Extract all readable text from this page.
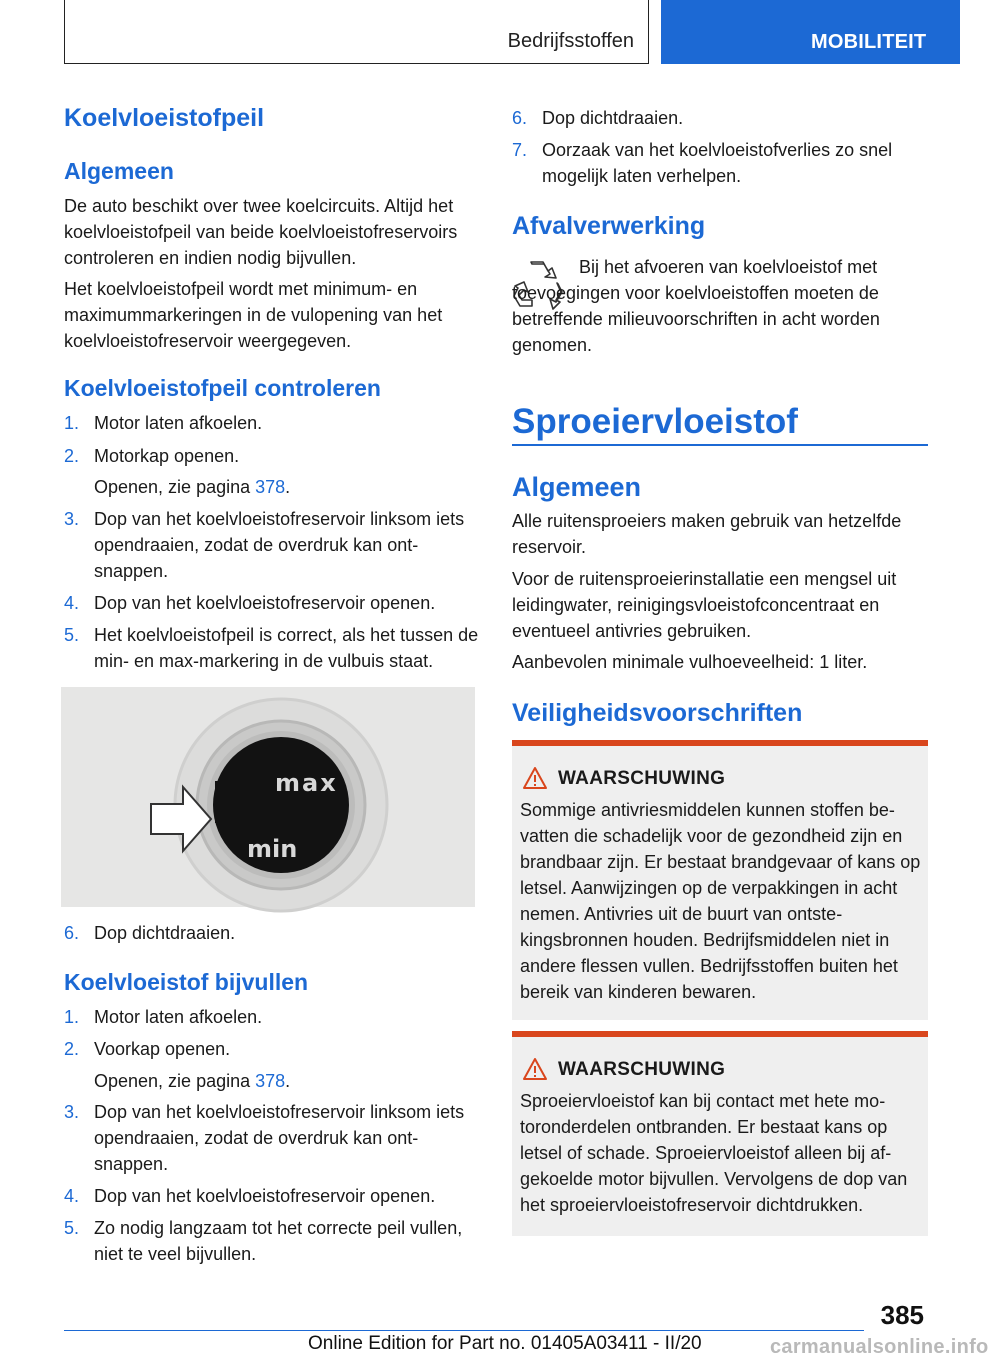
Bedrijfsstoffen	MOBILITEIT
Koelvloeistofpeil
Algemeen

De auto beschikt over twee koelcircuits. Altijd het koelvloeistofpeil van beide koelvloeistofreservoirs controleren en indien nodig bijvullen.

Het koelvloeistofpeil wordt met minimum- en maximummarkeringen in de vulopening van het koelvloeistofreservoir weergegeven.

Koelvloeistofpeil controleren
1. Motor laten afkoelen.
2. Motorkap openen.
Openen, zie pagina 378.
3. Dop van het koelvloeistofreservoir linksom iets opendraaien, zodat de overdruk kan ontsnappen.
4. Dop van het koelvloeistofreservoir openen.
5. Het koelvloeistofpeil is correct, als het tussen de min- en max-markering in de vulbuis staat.
max
min
6. Dop dichtdraaien.
Koelvloeistof bijvullen
1. Motor laten afkoelen.
2. Voorkap openen.
Openen, zie pagina 378.
3. Dop van het koelvloeistofreservoir linksom iets opendraaien, zodat de overdruk kan ontsnappen.
4. Dop van het koelvloeistofreservoir openen.
5. Zo nodig langzaam tot het correcte peil vullen, niet te veel bijvullen.
6. Dop dichtdraaien.
7. Oorzaak van het koelvloeistofverlies zo snel mogelijk laten verhelpen.
Afvalverwerking

Bij het afvoeren van koelvloeistof met toevoegingen voor koelvloeistoffen moeten de betreffende milieuvoorschriften in acht worden genomen.
Sproeiervloeistof
Algemeen

Alle ruitensproeiers maken gebruik van hetzelfde reservoir.

Voor de ruitensproeierinstallatie een mengsel uit leidingwater, reinigingsvloeistofconcentraat en eventueel antivries gebruiken.

Aanbevolen minimale vulhoeveelheid: 1 liter.

Veiligheidsvoorschriften
WAARSCHUWING
Sommige antivriesmiddelen kunnen stoffen bevatten die schadelijk voor de gezondheid zijn en brandbaar zijn. Er bestaat brandgevaar of kans op letsel. Aanwijzingen op de verpakkingen in acht nemen. Antivries uit de buurt van ontstekingsbronnen houden. Bedrijfsmiddelen niet in andere flessen vullen. Bedrijfsstoffen buiten het bereik van kinderen bewaren.
WAARSCHUWING
Sproeiervloeistof kan bij contact met hete motoronderdelen ontbranden. Er bestaat kans op letsel of schade. Sproeiervloeistof alleen bij afgekoelde motor bijvullen. Vervolgens de dop van het sproeiervloeistofreservoir dichtdrukken.
385
Online Edition for Part no. 01405A03411 - II/20	carmanualsonline.info
